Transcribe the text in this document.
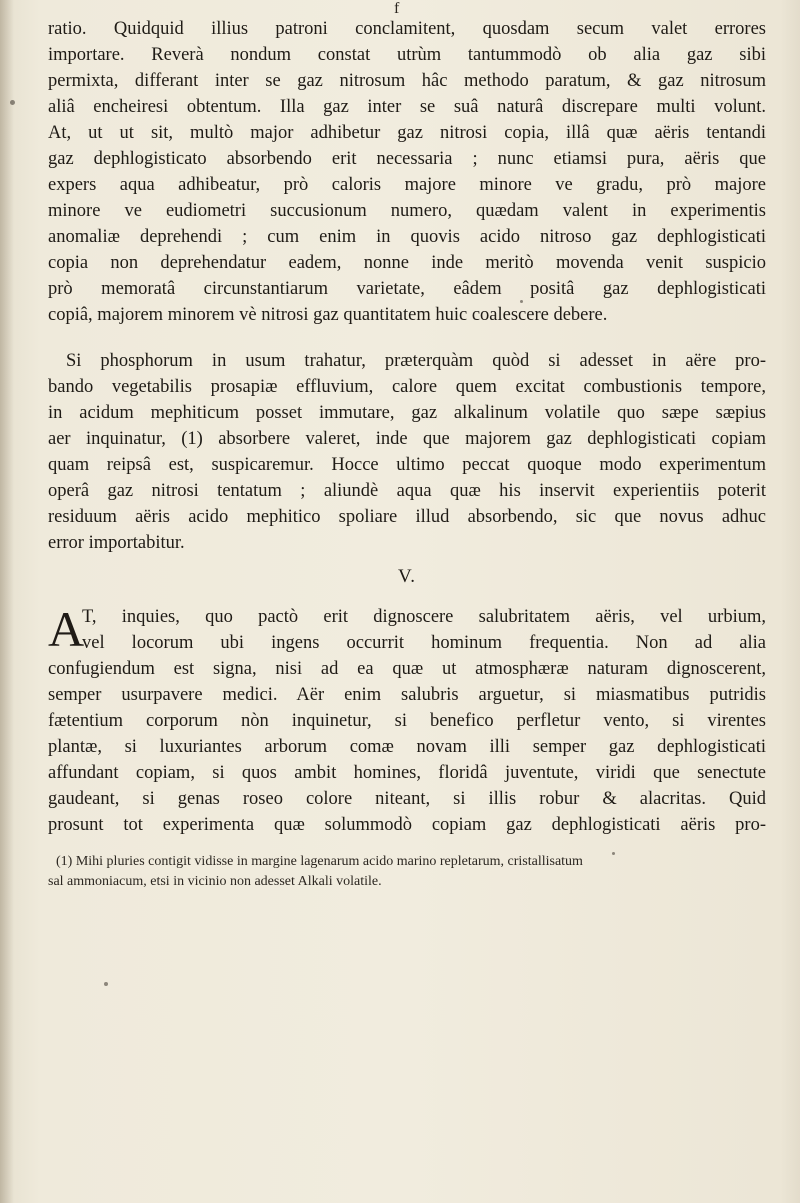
f
ratio. Quidquid illius patroni conclamitent, quosdam secum valet errores
importare. Reverà nondum constat utrùm tantummodò ob alia gaz sibi
permixta, differant inter se gaz nitrosum hâc methodo paratum, & gaz nitrosum
aliâ encheiresi obtentum. Illa gaz inter se suâ naturâ discrepare multi volunt.
At, ut ut sit, multò major adhibetur gaz nitrosi copia, illâ quæ aëris tentandi
gaz dephlogisticato absorbendo erit necessaria ; nunc etiamsi pura, aëris que
expers aqua adhibeatur, prò caloris majore minore ve gradu, prò majore
minore ve eudiometri succusionum numero, quædam valent in experimentis
anomaliæ deprehendi ; cum enim in quovis acido nitroso gaz dephlogisticati
copia non deprehendatur eadem, nonne inde meritò movenda venit suspicio
prò memoratâ circunstantiarum varietate, eâdem positâ gaz dephlogisticati
copiâ, majorem minorem vè nitrosi gaz quantitatem huic coalescere debere.
Si phosphorum in usum trahatur, præterquàm quòd si adesset in aëre pro-
bando vegetabilis prosapiæ effluvium, calore quem excitat combustionis tempore,
in acidum mephiticum posset immutare, gaz alkalinum volatile quo sæpe sæpius
aer inquinatur, (1) absorbere valeret, inde que majorem gaz dephlogisticati copiam
quam reipsâ est, suspicaremur. Hocce ultimo peccat quoque modo experimentum
operâ gaz nitrosi tentatum ; aliundè aqua quæ his inservit experientiis poterit
residuum aëris acido mephitico spoliare illud absorbendo, sic que novus adhuc
error importabitur.
V.
A
T, inquies, quo pactò erit dignoscere salubritatem aëris, vel urbium,
vel locorum ubi ingens occurrit hominum frequentia. Non ad alia
confugiendum est signa, nisi ad ea quæ ut atmosphæræ naturam dignoscerent,
semper usurpavere medici. Aër enim salubris arguetur, si miasmatibus putridis
fætentium corporum nòn inquinetur, si benefico perfletur vento, si virentes
plantæ, si luxuriantes arborum comæ novam illi semper gaz dephlogisticati
affundant copiam, si quos ambit homines, floridâ juventute, viridi que senectute
gaudeant, si genas roseo colore niteant, si illis robur & alacritas. Quid
prosunt tot experimenta quæ solummodò copiam gaz dephlogisticati aëris pro-
(1) Mihi pluries contigit vidisse in margine lagenarum acido marino repletarum, cristallisatum
sal ammoniacum, etsi in vicinio non adesset Alkali volatile.
